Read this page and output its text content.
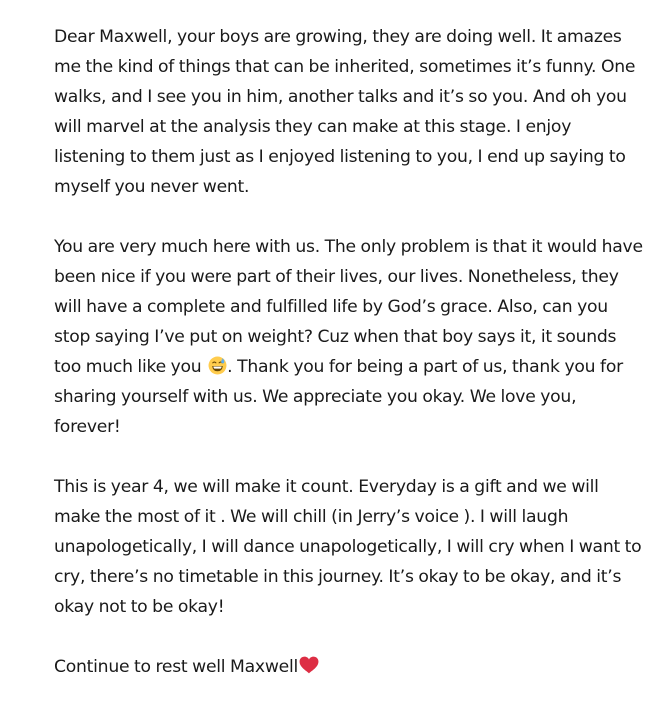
Dear Maxwell, your boys are growing, they are doing well. It amazes me the kind of things that can be inherited, sometimes it’s funny. One walks, and I see you in him, another talks and it’s so you. And oh you will marvel at the analysis they can make at this stage. I enjoy listening to them just as I enjoyed listening to you, I end up saying to myself you never went.

You are very much here with us. The only problem is that it would have been nice if you were part of their lives, our lives. Nonetheless, they will have a complete and fulfilled life by God’s grace. Also, can you stop saying I’ve put on weight? Cuz when that boy says it, it sounds too much like you . Thank you for being a part of us, thank you for sharing yourself with us. We appreciate you okay. We love you, forever!

This is year 4, we will make it count. Everyday is a gift and we will make the most of it . We will chill (in Jerry’s voice ). I will laugh unapologetically, I will dance unapologetically, I will cry when I want to cry, there’s no timetable in this journey. It’s okay to be okay, and it’s okay not to be okay!

Continue to rest well Maxwell
